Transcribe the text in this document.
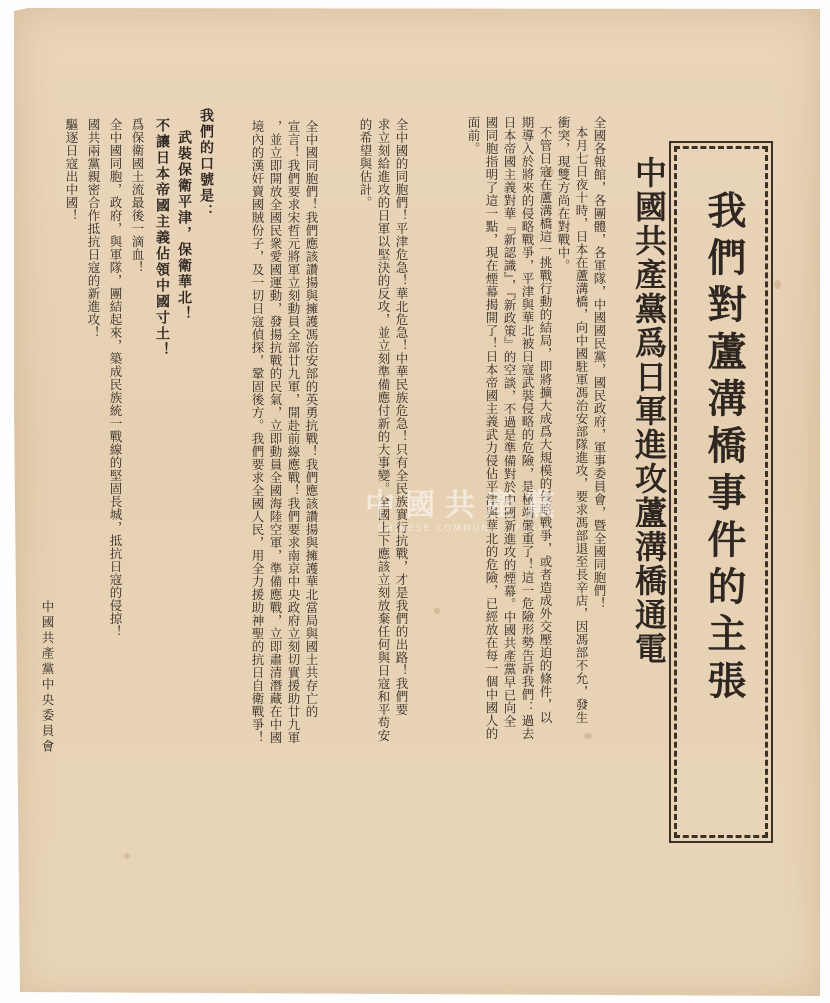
我們對蘆溝橋事件的主張
中國共產黨爲日軍進攻蘆溝橋通電
全國各報館，各團體，各軍隊，中國國民黨，國民政府，軍事委員會，暨全國同胞們！
本月七日夜十時，日本在蘆溝橋，向中國駐軍馮治安部隊進攻，要求馮部退至長辛店，因馮部不允，發生
衝突，現雙方尚在對戰中。
不管日寇在蘆溝橋這一挑戰行動的結局，即將擴大成爲大規模的侵略戰爭，或者造成外交壓迫的條件，以
期導入於將來的侵略戰爭，平津與華北被日寇武裝侵略的危險，是極端嚴重了！這一危險形勢告訴我們：過去
日本帝國主義對華『新認識』，『新政策』的空談，不過是準備對於中國新進攻的煙幕。中國共產黨早已向全
國同胞指明了這一點，現在煙幕揭開了！日本帝國主義武力侵佔平津與華北的危險，已經放在每一個中國人的
面前。
全中國的同胞們！平津危急！華北危急！中華民族危急！只有全民族實行抗戰，才是我們的出路！我們要
求立刻給進攻的日軍以堅決的反攻，並立刻準備應付新的大事變。全國上下應該立刻放棄任何與日寇和平苟安
的希望與估計。
全中國同胞們！我們應該讚揚與擁護馮治安部的英勇抗戰！我們應該讚揚與擁護華北當局與國土共存亡的
宣言！我們要求宋哲元將軍立刻動員全部廿九軍，開赴前線應戰！我們要求南京中央政府立刻切實援助廿九軍
，並立即開放全國民衆愛國運動，發揚抗戰的民氣，立即動員全國海陸空軍，準備應戰，立即肅清潛藏在中國
境內的漢奸賣國賊份子，及一切日寇偵探，鞏固後方。我們要求全國人民，用全力援助神聖的抗日自衛戰爭！
我們的口號是：
武裝保衛平津，保衛華北！
不讓日本帝國主義佔領中國寸土！
爲保衛國土流最後一滴血！
全中國同胞，政府，與軍隊，團結起來，築成民族統一戰線的堅固長城，抵抗日寇的侵掠！
國共兩黨親密合作抵抗日寇的新進攻！
驅逐日寇出中國！
中國共產黨中央委員會
中國共產黨
CHINESE COMMUNIST PARTY
